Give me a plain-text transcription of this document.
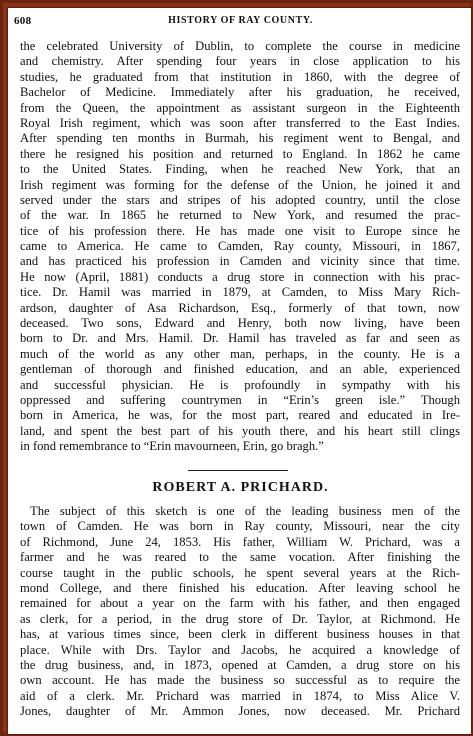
608	HISTORY OF RAY COUNTY.
the celebrated University of Dublin, to complete the course in medicine
and chemistry. After spending four years in close application to his
studies, he graduated from that institution in 1860, with the degree of
Bachelor of Medicine. Immediately after his graduation, he received,
from the Queen, the appointment as assistant surgeon in the Eighteenth
Royal Irish regiment, which was soon after transferred to the East Indies.
After spending ten months in Burmah, his regiment went to Bengal, and
there he resigned his position and returned to England. In 1862 he came
to the United States. Finding, when he reached New York, that an
Irish regiment was forming for the defense of the Union, he joined it and
served under the stars and stripes of his adopted country, until the close
of the war. In 1865 he returned to New York, and resumed the prac-
tice of his profession there. He has made one visit to Europe since he
came to America. He came to Camden, Ray county, Missouri, in 1867,
and has practiced his profession in Camden and vicinity since that time.
He now (April, 1881) conducts a drug store in connection with his prac-
tice. Dr. Hamil was married in 1879, at Camden, to Miss Mary Rich-
ardson, daughter of Asa Richardson, Esq., formerly of that town, now
deceased. Two sons, Edward and Henry, both now living, have been
born to Dr. and Mrs. Hamil. Dr. Hamil has traveled as far and seen as
much of the world as any other man, perhaps, in the county. He is a
gentleman of thorough and finished education, and an able, experienced
and successful physician. He is profoundly in sympathy with his
oppressed and suffering countrymen in “Erin’s green isle.” Though
born in America, he was, for the most part, reared and educated in Ire-
land, and spent the best part of his youth there, and his heart still clings
in fond remembrance to “Erin mavourneen, Erin, go bragh.”
ROBERT A. PRICHARD.
The subject of this sketch is one of the leading business men of the
town of Camden. He was born in Ray county, Missouri, near the city
of Richmond, June 24, 1853. His father, William W. Prichard, was a
farmer and he was reared to the same vocation. After finishing the
course taught in the public schools, he spent several years at the Rich-
mond College, and there finished his education. After leaving school he
remained for about a year on the farm with his father, and then engaged
as clerk, for a period, in the drug store of Dr. Taylor, at Richmond. He
has, at various times since, been clerk in different business houses in that
place. While with Drs. Taylor and Jacobs, he acquired a knowledge of
the drug business, and, in 1873, opened at Camden, a drug store on his
own account. He has made the business so successful as to require the
aid of a clerk. Mr. Prichard was married in 1874, to Miss Alice V.
Jones, daughter of Mr. Ammon Jones, now deceased. Mr. Prichard
